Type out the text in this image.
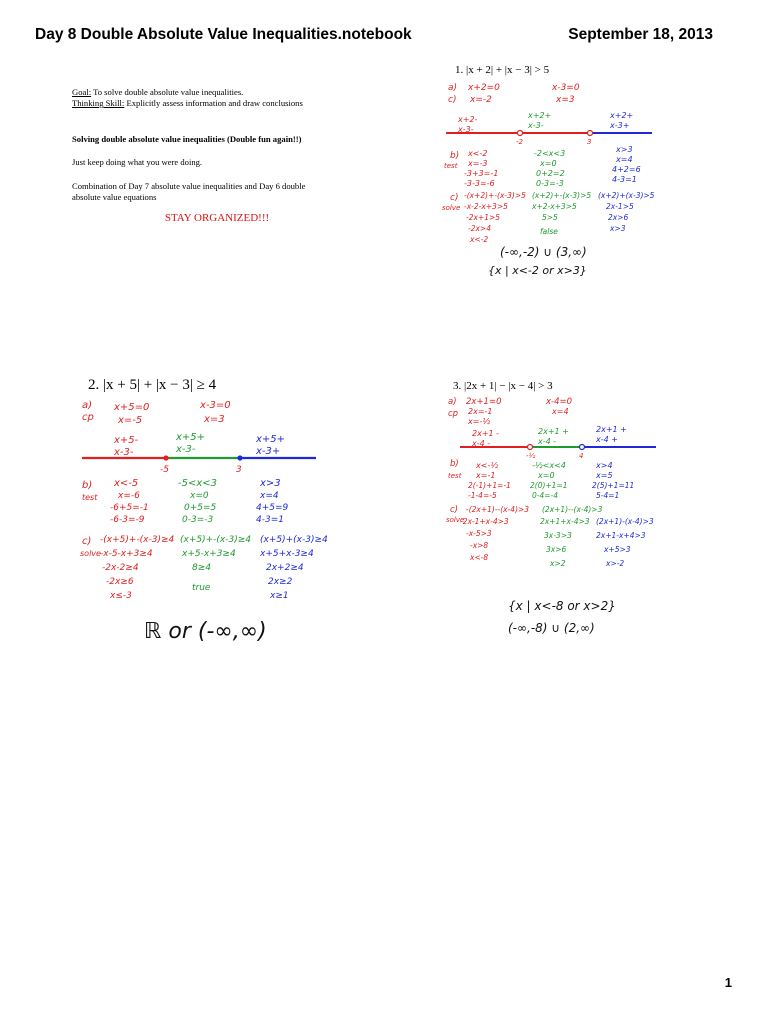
Day 8 Double Absolute Value Inequalities.notebook	September 18, 2013
Goal: To solve double absolute value inequalities.
Thinking Skill: Explicitly assess information and draw conclusions
Solving double absolute value inequalities (Double fun again!!)
Just keep doing what you were doing.
Combination of Day 7 absolute value inequalities and Day 6 double
absolute value equations
STAY ORGANIZED!!!
1. |x + 2| + |x − 3| > 5
2. |x + 5| + |x − 3| ≥ 4	3. |2x + 1| − |x − 4| > 3
a)
c)
x+2=0
x=-2
x-3=0
x=3
x+2-
x-3-
x+2+
x-3-
x+2+
x-3+
-2	3
b)
test
x<-2
x=-3
-3+3=-1
-3-3=-6
-2<x<3
x=0
0+2=2
0-3=-3
x>3
x=4
4+2=6
4-3=1
c)
solve
-(x+2)+-(x-3)>5
-x-2-x+3>5
-2x+1>5
-2x>4
x<-2
(x+2)+-(x-3)>5
x+2-x+3>5
5>5
false
(x+2)+(x-3)>5
2x-1>5
2x>6
x>3
(-∞,-2) ∪ (3,∞)
{x | x<-2 or x>3}
a)
cp
x+5=0
x=-5
x-3=0
x=3
x+5-
x-3-
x+5+
x-3-
x+5+
x-3+
-5	3
b)
test
x<-5
x=-6
-6+5=-1
-6-3=-9
-5<x<3
x=0
0+5=5
0-3=-3
x>3
x=4
4+5=9
4-3=1
c)
solve
-(x+5)+-(x-3)≥4
-x-5-x+3≥4
-2x-2≥4
-2x≥6
x≤-3
(x+5)+-(x-3)≥4
x+5-x+3≥4
8≥4
true
(x+5)+(x-3)≥4
x+5+x-3≥4
2x+2≥4
2x≥2
x≥1
ℝ or (-∞,∞)
a)
cp
2x+1=0
2x=-1
x=-½
x-4=0
x=4
2x+1 -
x-4 -
2x+1 +
x-4 -
2x+1 +
x-4 +
-½	4
b)
test
x<-½
x=-1
2(-1)+1=-1
-1-4=-5
-½<x<4
x=0
2(0)+1=1
0-4=-4
x>4
x=5
2(5)+1=11
5-4=1
c)
solve
-(2x+1)--(x-4)>3
-2x-1+x-4>3
-x-5>3
-x>8
x<-8
(2x+1)--(x-4)>3
2x+1+x-4>3
3x-3>3
3x>6
x>2
(2x+1)-(x-4)>3
2x+1-x+4>3
x+5>3
x>-2
{x | x<-8 or x>2}
(-∞,-8) ∪ (2,∞)
1
